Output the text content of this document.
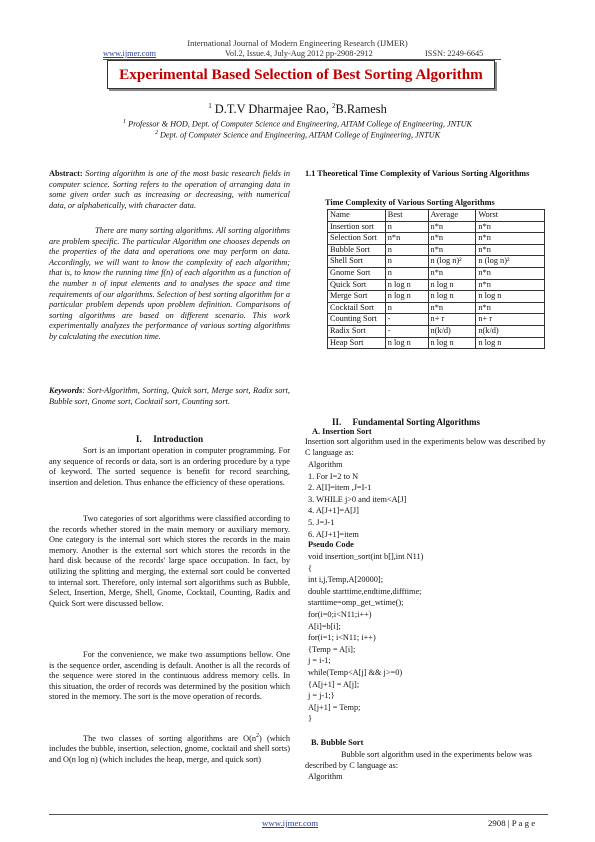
International Journal of Modern Engineering Research (IJMER)
www.ijmer.com	Vol.2, Issue.4, July-Aug 2012 pp-2908-2912	ISSN: 2249-6645
Experimental Based Selection of Best Sorting Algorithm
$^1$ D.T.V Dharmajee Rao, $^2$B.Ramesh
$^1$ Professor & HOD, Dept. of Computer Science and Engineering, AITAM College of Engineering, JNTUK
$^2$ Dept. of Computer Science and Engineering, AITAM College of Engineering, JNTUK
Abstract: Sorting algorithm is one of the most basic research fields in computer science. Sorting refers to the operation of arranging data in some given order such as increasing or decreasing, with numerical data, or alphabetically, with character data.
There are many sorting algorithms. All sorting algorithms are problem specific. The particular Algorithm one chooses depends on the properties of the data and operations one may perform on data. Accordingly, we will want to know the complexity of each algorithm; that is, to know the running time f(n) of each algorithm as a function of the number n of input elements and to analyses the space and time requirements of our algorithms. Selection of best sorting algorithm for a particular problem depends upon problem definition. Comparisons of sorting algorithms are based on different scenario. This work experimentally analyzes the performance of various sorting algorithms by calculating the execution time.
Keywords: Sort-Algorithm, Sorting, Quick sort, Merge sort, Radix sort, Bubble sort, Gnome sort, Cocktail sort, Counting sort.
I. Introduction
Sort is an important operation in computer programming. For any sequence of records or data, sort is an ordering procedure by a type of keyword. The sorted sequence is benefit for record searching, insertion and deletion. Thus enhance the efficiency of these operations.
Two categories of sort algorithms were classified according to the records whether stored in the main memory or auxiliary memory. One category is the internal sort which stores the records in the main memory. Another is the external sort which stores the records in the hard disk because of the records' large space occupation. In fact, by utilizing the splitting and merging, the external sort could be converted to internal sort. Therefore, only internal sort algorithms such as Bubble, Select, Insertion, Merge, Shell, Gnome, Cocktail, Counting, Radix and Quick Sort were discussed bellow.
For the convenience, we make two assumptions bellow. One is the sequence order, ascending is default. Another is all the records of the sequence were stored in the continuous address memory cells. In this situation, the order of records was determined by the position which stored in the memory. The sort is the move operation of records.
The two classes of sorting algorithms are $O(n^2)$ (which includes the bubble, insertion, selection, gnome, cocktail and shell sorts) and O(n log n) (which includes the heap, merge, and quick sort)
1.1 Theoretical Time Complexity of Various Sorting Algorithms
Time Complexity of Various Sorting Algorithms
Name	Best	Average	Worst
Insertion sort	n	n*n	n*n
Selection Sort	n*n	n*n	n*n
Bubble Sort	n	n*n	n*n
Shell Sort	n	n (log n)²	n (log n)²
Gnome Sort	n	n*n	n*n
Quick Sort	n log n	n log n	n*n
Merge Sort	n log n	n log n	n log n
Cocktail Sort	n	n*n	n*n
Counting Sort	-	n+ r	n+ r
Radix Sort	-	n(k/d)	n(k/d)
Heap Sort	n log n	n log n	n log n
II. Fundamental Sorting Algorithms
A. Insertion Sort
Insertion sort algorithm used in the experiments below was described by C language as:
Algorithm
1. For I=2 to N
2. A[I]=item ,J=I-1
3. WHILE j>0 and item<A[J]
4. A[J+1]=A[J]
5. J=J-1
6. A[J+1]=item
Pseudo Code
void insertion_sort(int b[],int N11)
{
int i,j,Temp,A[20000];
double starttime,endtime,difftime;
starttime=omp_get_wtime();
for(i=0;i<N11;i++)
A[i]=b[i];
for(i=1; i<N11; i++)
{Temp = A[i];
j = i-1;
while(Temp<A[j] && j>=0)
{A[j+1] = A[j];
j = j-1;}
A[j+1] = Temp;
}
B. Bubble Sort
Bubble sort algorithm used in the experiments below was described by C language as:
Algorithm
www.ijmer.com	2908 | P a g e
